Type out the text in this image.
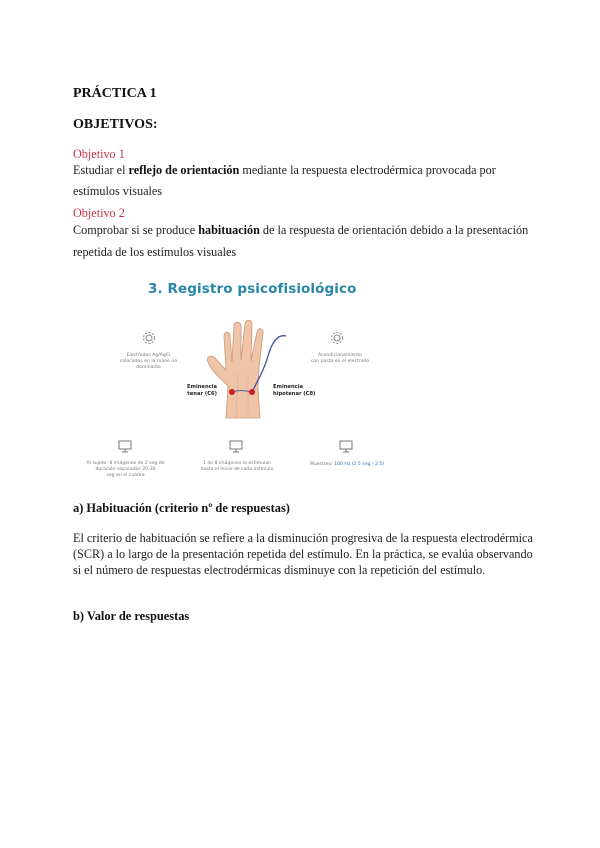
PRÁCTICA 1
OBJETIVOS:
Objetivo 1
Estudiar el reflejo de orientación mediante la respuesta electrodérmica provocada por
estímulos visuales
Objetivo 2
Comprobar si se produce habituación de la respuesta de orientación debido a la presentación
repetida de los estímulos visuales
3. Registro psicofisiológico
Electrodos Ag/AgCl
colocados en la mano no
dominante
Acondicionamiento
con pasta en el electrodo
Eminencia
tenar (C6)
Eminencia
hipotenar (C8)
Al sujeto: 8 imágenes de 2 seg de
duración separadas 20-30
seg en el cuadro
1 de 8 imágenes la estimulan
hasta el inicio de cada estímulo
Muestreo: 100 Hz (2.5 seg - 2.5)
a) Habituación (criterio nº de respuestas)
El criterio de habituación se refiere a la disminución progresiva de la respuesta electrodérmica (SCR) a lo largo de la presentación repetida del estímulo. En la práctica, se evalúa observando si el número de respuestas electrodérmicas disminuye con la repetición del estímulo.
b) Valor de respuestas
